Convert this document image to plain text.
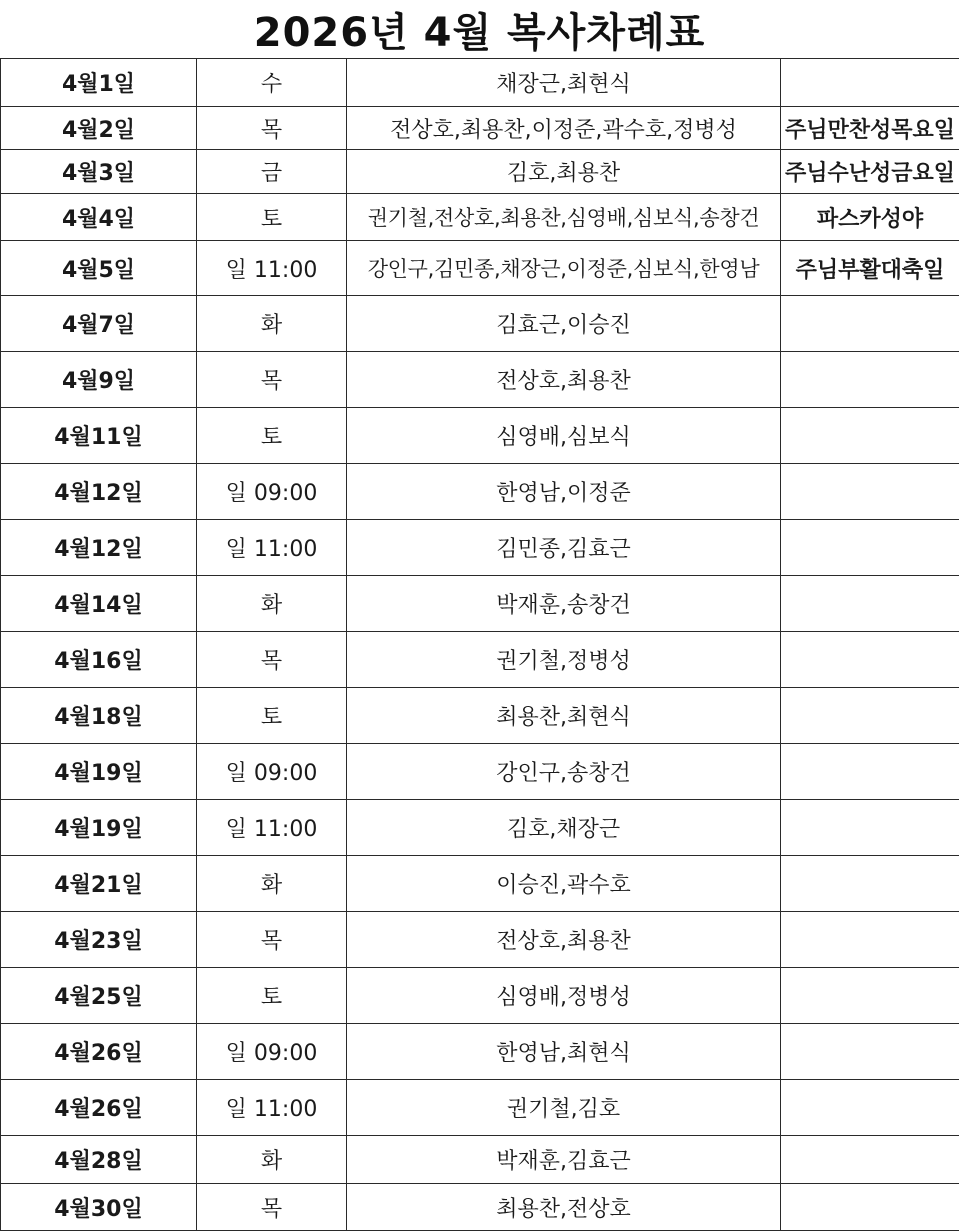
2026년 4월 복사차례표
4월1일	수	채장근,최현식	
4월2일	목	전상호,최용찬,이정준,곽수호,정병성	주님만찬성목요일
4월3일	금	김호,최용찬	주님수난성금요일
4월4일	토	권기철,전상호,최용찬,심영배,심보식,송창건	파스카성야
4월5일	일 11:00	강인구,김민종,채장근,이정준,심보식,한영남	주님부활대축일
4월7일	화	김효근,이승진	
4월9일	목	전상호,최용찬	
4월11일	토	심영배,심보식	
4월12일	일 09:00	한영남,이정준	
4월12일	일 11:00	김민종,김효근	
4월14일	화	박재훈,송창건	
4월16일	목	권기철,정병성	
4월18일	토	최용찬,최현식	
4월19일	일 09:00	강인구,송창건	
4월19일	일 11:00	김호,채장근	
4월21일	화	이승진,곽수호	
4월23일	목	전상호,최용찬	
4월25일	토	심영배,정병성	
4월26일	일 09:00	한영남,최현식	
4월26일	일 11:00	권기철,김호	
4월28일	화	박재훈,김효근	
4월30일	목	최용찬,전상호	
